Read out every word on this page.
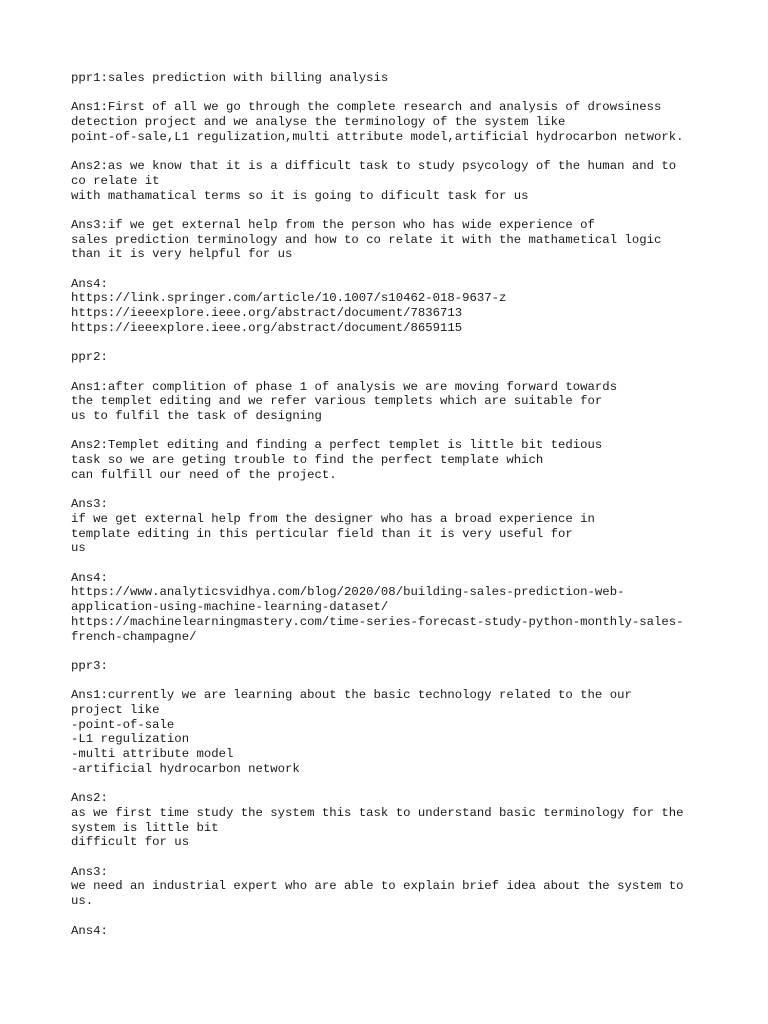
ppr1:sales prediction with billing analysis
Ans1:First of all we go through the complete research and analysis of drowsiness
detection project and we analyse the terminology of the system like
point-of-sale,L1 regulization,multi attribute model,artificial hydrocarbon network.
Ans2:as we know that it is a difficult task to study psycology of the human and to
co relate it
with mathamatical terms so it is going to dificult task for us
Ans3:if we get external help from the person who has wide experience of
sales prediction terminology and how to co relate it with the mathametical logic
than it is very helpful for us
Ans4:
https://link.springer.com/article/10.1007/s10462-018-9637-z
https://ieeexplore.ieee.org/abstract/document/7836713
https://ieeexplore.ieee.org/abstract/document/8659115
ppr2:
Ans1:after complition of phase 1 of analysis we are moving forward towards
the templet editing and we refer various templets which are suitable for
us to fulfil the task of designing
Ans2:Templet editing and finding a perfect templet is little bit tedious
task so we are geting trouble to find the perfect template which
can fulfill our need of the project.
Ans3:
if we get external help from the designer who has a broad experience in
template editing in this perticular field than it is very useful for
us
Ans4:
https://www.analyticsvidhya.com/blog/2020/08/building-sales-prediction-web-
application-using-machine-learning-dataset/
https://machinelearningmastery.com/time-series-forecast-study-python-monthly-sales-
french-champagne/
ppr3:
Ans1:currently we are learning about the basic technology related to the our
project like
-point-of-sale
-L1 regulization
-multi attribute model
-artificial hydrocarbon network
Ans2:
as we first time study the system this task to understand basic terminology for the
system is little bit
difficult for us
Ans3:
we need an industrial expert who are able to explain brief idea about the system to
us.
Ans4:
